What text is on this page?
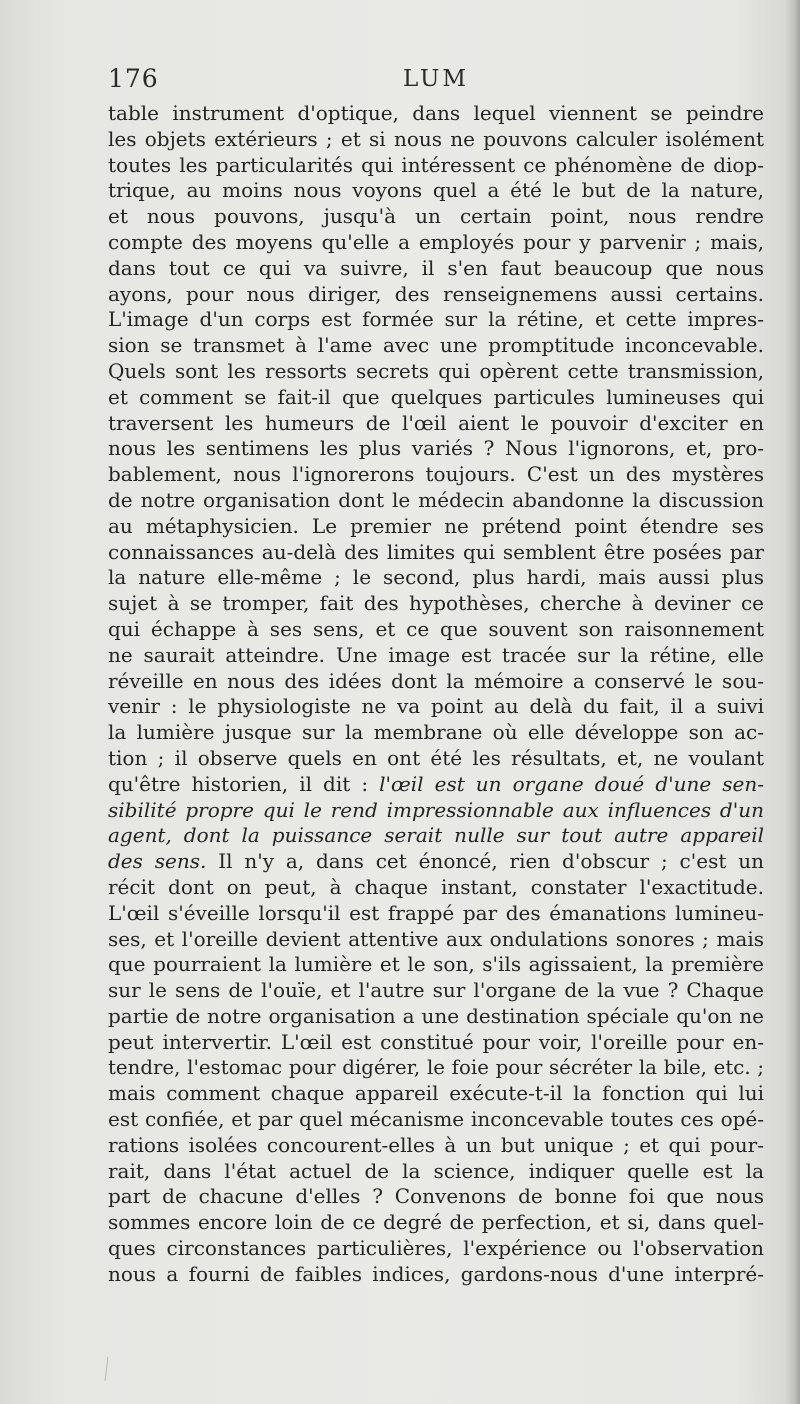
176	LUM
table instrument d'optique, dans lequel viennent se peindre
les objets extérieurs ; et si nous ne pouvons calculer isolément
toutes les particularités qui intéressent ce phénomène de diop-
trique, au moins nous voyons quel a été le but de la nature,
et nous pouvons, jusqu'à un certain point, nous rendre
compte des moyens qu'elle a employés pour y parvenir ; mais,
dans tout ce qui va suivre, il s'en faut beaucoup que nous
ayons, pour nous diriger, des renseignemens aussi certains.
L'image d'un corps est formée sur la rétine, et cette impres-
sion se transmet à l'ame avec une promptitude inconcevable.
Quels sont les ressorts secrets qui opèrent cette transmission,
et comment se fait-il que quelques particules lumineuses qui
traversent les humeurs de l'œil aient le pouvoir d'exciter en
nous les sentimens les plus variés ? Nous l'ignorons, et, pro-
bablement, nous l'ignorerons toujours. C'est un des mystères
de notre organisation dont le médecin abandonne la discussion
au métaphysicien. Le premier ne prétend point étendre ses
connaissances au-delà des limites qui semblent être posées par
la nature elle-même ; le second, plus hardi, mais aussi plus
sujet à se tromper, fait des hypothèses, cherche à deviner ce
qui échappe à ses sens, et ce que souvent son raisonnement
ne saurait atteindre. Une image est tracée sur la rétine, elle
réveille en nous des idées dont la mémoire a conservé le sou-
venir : le physiologiste ne va point au delà du fait, il a suivi
la lumière jusque sur la membrane où elle développe son ac-
tion ; il observe quels en ont été les résultats, et, ne voulant
qu'être historien, il dit : l'œil est un organe doué d'une sen-
sibilité propre qui le rend impressionnable aux influences d'un
agent, dont la puissance serait nulle sur tout autre appareil
des sens. Il n'y a, dans cet énoncé, rien d'obscur ; c'est un
récit dont on peut, à chaque instant, constater l'exactitude.
L'œil s'éveille lorsqu'il est frappé par des émanations lumineu-
ses, et l'oreille devient attentive aux ondulations sonores ; mais
que pourraient la lumière et le son, s'ils agissaient, la première
sur le sens de l'ouïe, et l'autre sur l'organe de la vue ? Chaque
partie de notre organisation a une destination spéciale qu'on ne
peut intervertir. L'œil est constitué pour voir, l'oreille pour en-
tendre, l'estomac pour digérer, le foie pour sécréter la bile, etc. ;
mais comment chaque appareil exécute-t-il la fonction qui lui
est confiée, et par quel mécanisme inconcevable toutes ces opé-
rations isolées concourent-elles à un but unique ; et qui pour-
rait, dans l'état actuel de la science, indiquer quelle est la
part de chacune d'elles ? Convenons de bonne foi que nous
sommes encore loin de ce degré de perfection, et si, dans quel-
ques circonstances particulières, l'expérience ou l'observation
nous a fourni de faibles indices, gardons-nous d'une interpré-
